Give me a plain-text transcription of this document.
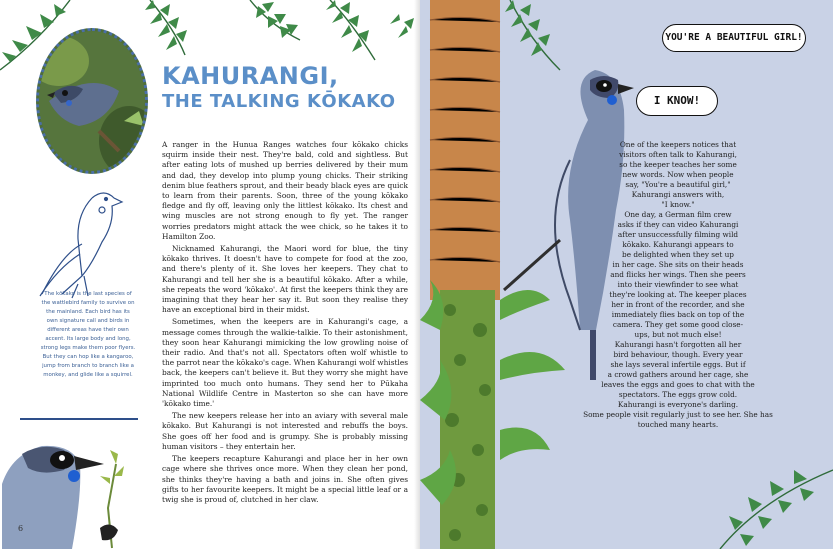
The kōkako is the last species of the wattlebird family to survive on the mainland. Each bird has its own signature call and birds in different areas have their own accent. Its large body and long, strong legs make them poor flyers. But they can hop like a kangaroo, jump from branch to branch like a monkey, and glide like a squirrel.
KAHURANGI,
THE TALKING KŌKAKO

A ranger in the Hunua Ranges watches four kōkako chicks squirm inside their nest. They're bald, cold and sightless. But after eating lots of mushed up berries delivered by their mum and dad, they develop into plump young chicks. Their striking denim blue feathers sprout, and their beady black eyes are quick to learn from their parents. Soon, three of the young kōkako fledge and fly off, leaving only the littlest kōkako. Its chest and wing muscles are not strong enough to fly yet. The ranger worries predators might attack the wee chick, so he takes it to Hamilton Zoo.

Nicknamed Kahurangi, the Maori word for blue, the tiny kōkako thrives. It doesn't have to compete for food at the zoo, and there's plenty of it. She loves her keepers. They chat to Kahurangi and tell her she is a beautiful kōkako. After a while, she repeats the word 'kōkako'. At first the keepers think they are imagining that they hear her say it. But soon they realise they have an exceptional bird in their midst.

Sometimes, when the keepers are in Kahurangi's cage, a message comes through the walkie-talkie. To their astonishment, they soon hear Kahurangi mimicking the low growling noise of their radio. And that's not all. Spectators often wolf whistle to the parrot near the kōkako's cage. When Kahurangi wolf whistles back, the keepers can't believe it. But they worry she might have imprinted too much onto humans. They send her to Pūkaha National Wildlife Centre in Masterton so she can have more 'kōkako time.'

The new keepers release her into an aviary with several male kōkako. But Kahurangi is not interested and rebuffs the boys. She goes off her food and is grumpy. She is probably missing human visitors – they entertain her.

The keepers recapture Kahurangi and place her in her own cage where she thrives once more. When they clean her pond, she thinks they're having a bath and joins in. She often gives gifts to her favourite keepers. It might be a special little leaf or a twig she is proud of, clutched in her claw.

6
YOU'RE A BEAUTIFUL GIRL!
I KNOW!

One of the keepers notices that

visitors often talk to Kahurangi,

so the keeper teaches her some

new words. Now when people

say, "You're a beautiful girl,"

Kahurangi answers with,

"I know."

One day, a German film crew

asks if they can video Kahurangi

after unsuccessfully filming wild

kōkako. Kahurangi appears to

be delighted when they set up

in her cage. She sits on their heads

and flicks her wings. Then she peers

into their viewfinder to see what

they're looking at. The keeper places

her in front of the recorder, and she

immediately flies back on top of the

camera. They get some good close-

ups, but not much else!

Kahurangi hasn't forgotten all her

bird behaviour, though. Every year

she lays several infertile eggs. But if

a crowd gathers around her cage, she

leaves the eggs and goes to chat with the

spectators. The eggs grow cold.

Kahurangi is everyone's darling.

Some people visit regularly just to see her. She has

touched many hearts.
